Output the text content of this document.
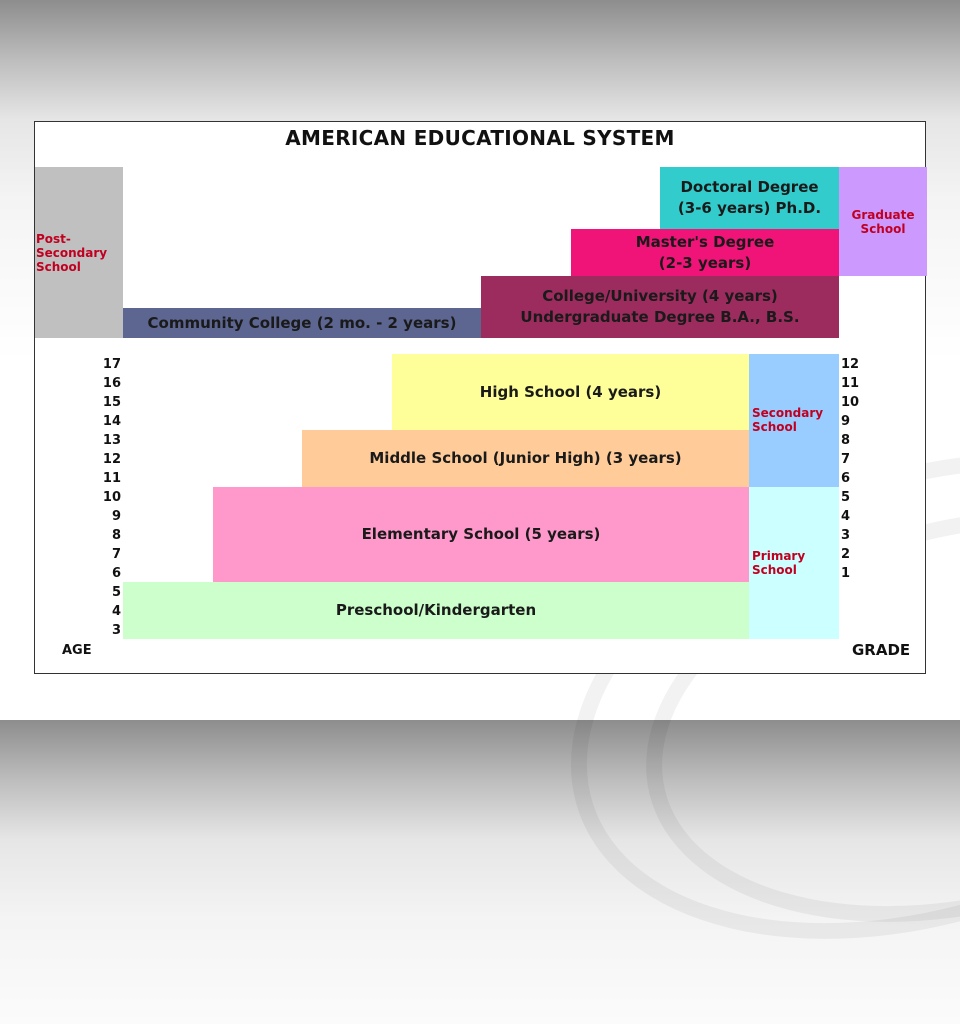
AMERICAN EDUCATIONAL SYSTEM
Post-Secondary School
Graduate School
Doctoral Degree
(3-6 years) Ph.D.
Master's Degree
(2-3 years)
College/University (4 years)
Undergraduate Degree B.A., B.S.
Community College (2 mo. - 2 years)
Secondary School
Primary School
High School (4 years)
Middle School (Junior High) (3 years)
Elementary School (5 years)
Preschool/Kindergarten
17
16
15
14
13
12
11
10
9
8
7
6
5
4
3
12
11
10
9
8
7
6
5
4
3
2
1
AGE	GRADE
